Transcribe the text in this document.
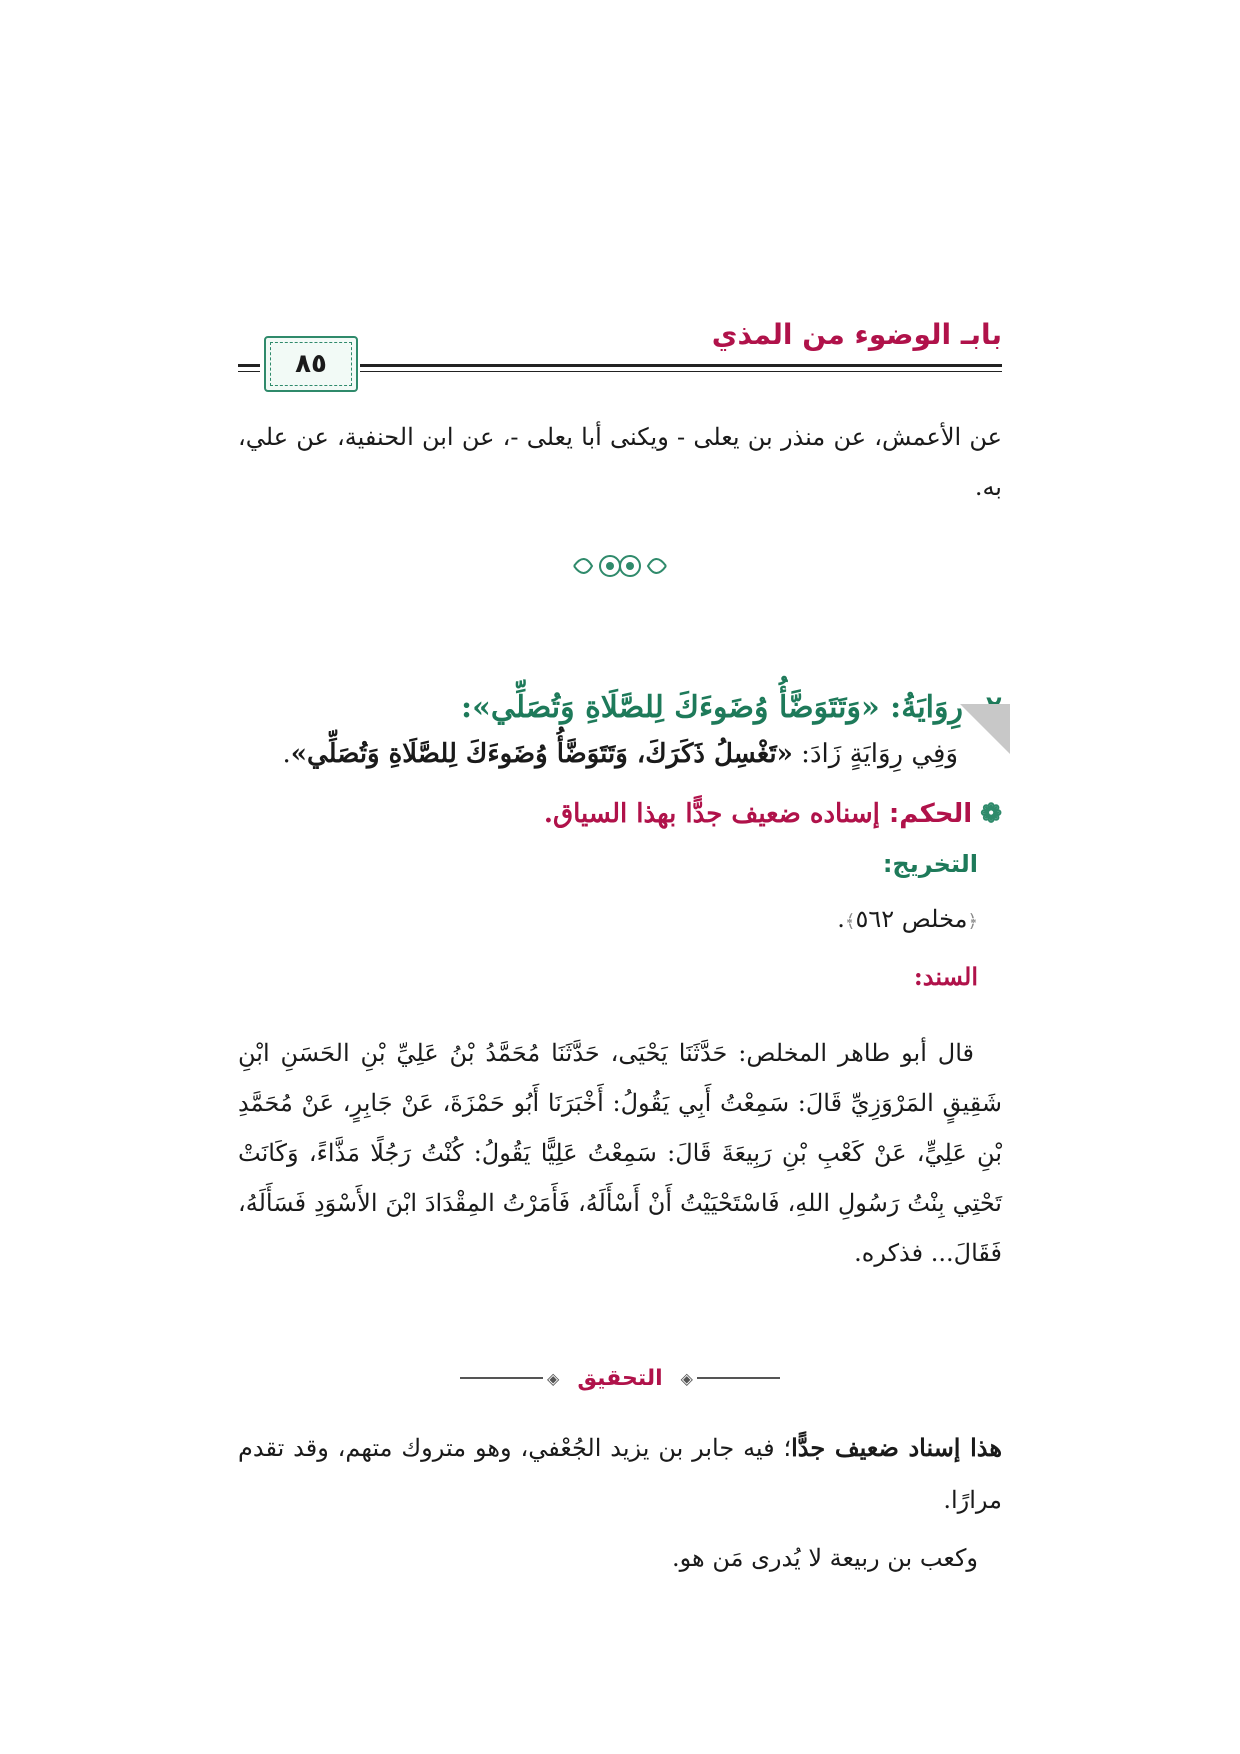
بابـ الوضوء من المذي
٨٥
عن الأعمش، عن منذر بن يعلى - ويكنى أبا يعلى -، عن ابن الحنفية، عن علي، به.
٢- رِوَايَةُ: «وَتَتَوَضَّأُ وُضَوءَكَ لِلصَّلَاةِ وَتُصَلِّي»:
وَفِي رِوَايَةٍ زَادَ: «تَغْسِلُ ذَكَرَكَ، وَتَتَوَضَّأُ وُضَوءَكَ لِلصَّلَاةِ وَتُصَلِّي».
❁الحكم: إسناده ضعيف جدًّا بهذا السياق.
التخريج:
﴿مخلص ٥٦٢﴾.
السند:
قال أبو طاهر المخلص: حَدَّثَنَا يَحْيَى، حَدَّثَنَا مُحَمَّدُ بْنُ عَلِيِّ بْنِ الحَسَنِ ابْنِ شَقِيقٍ المَرْوَزِيِّ قَالَ: سَمِعْتُ أَبِي يَقُولُ: أَخْبَرَنَا أَبُو حَمْزَةَ، عَنْ جَابِرٍ، عَنْ مُحَمَّدِ بْنِ عَلِيٍّ، عَنْ كَعْبِ بْنِ رَبِيعَةَ قَالَ: سَمِعْتُ عَلِيًّا يَقُولُ: كُنْتُ رَجُلًا مَذَّاءً، وَكَانَتْ تَحْتِي بِنْتُ رَسُولِ اللهِ، فَاسْتَحْيَيْتُ أَنْ أَسْأَلَهُ، فَأَمَرْتُ المِقْدَادَ ابْنَ الأَسْوَدِ فَسَأَلَهُ، فَقَالَ... فذكره.
◈
التحقيق
◈
هذا إسناد ضعيف جدًّا؛ فيه جابر بن يزيد الجُعْفي، وهو متروك متهم، وقد تقدم مرارًا.
وكعب بن ربيعة لا يُدرى مَن هو.
